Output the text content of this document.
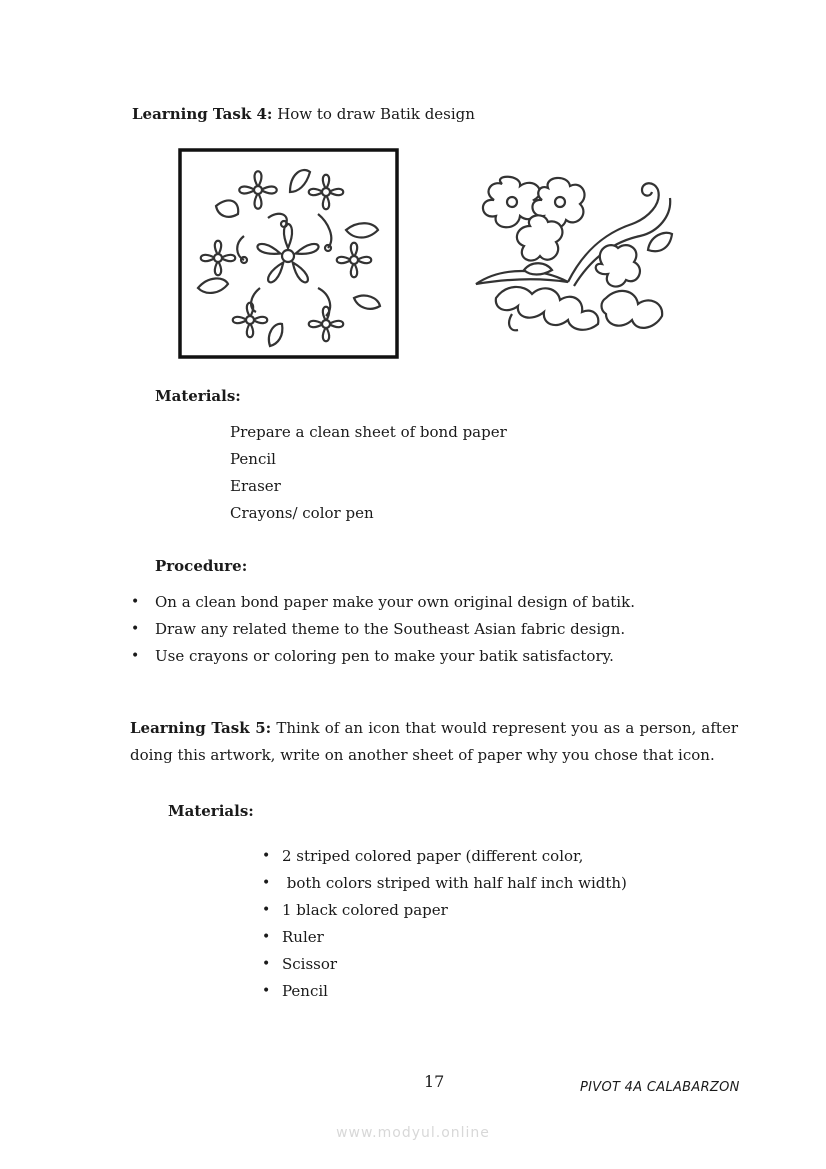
Learning Task 4: How to draw Batik design
Materials:
Prepare a clean sheet of bond paper
Pencil
Eraser
Crayons/ color pen
Procedure:
•	On a clean bond paper make your own original design of batik.
•	Draw any related theme to the Southeast Asian fabric design.
•	Use crayons or coloring pen to make your batik satisfactory.
Learning Task 5: Think of an icon that would represent you as a person, after doing this artwork, write on another sheet of paper why you chose that icon.
Materials:
• 2 striped colored paper (different color,
• both colors striped with half half inch width)
• 1 black colored paper
• Ruler
• Scissor
• Pencil
17	PIVOT 4A CALABARZON
www.modyul.online
